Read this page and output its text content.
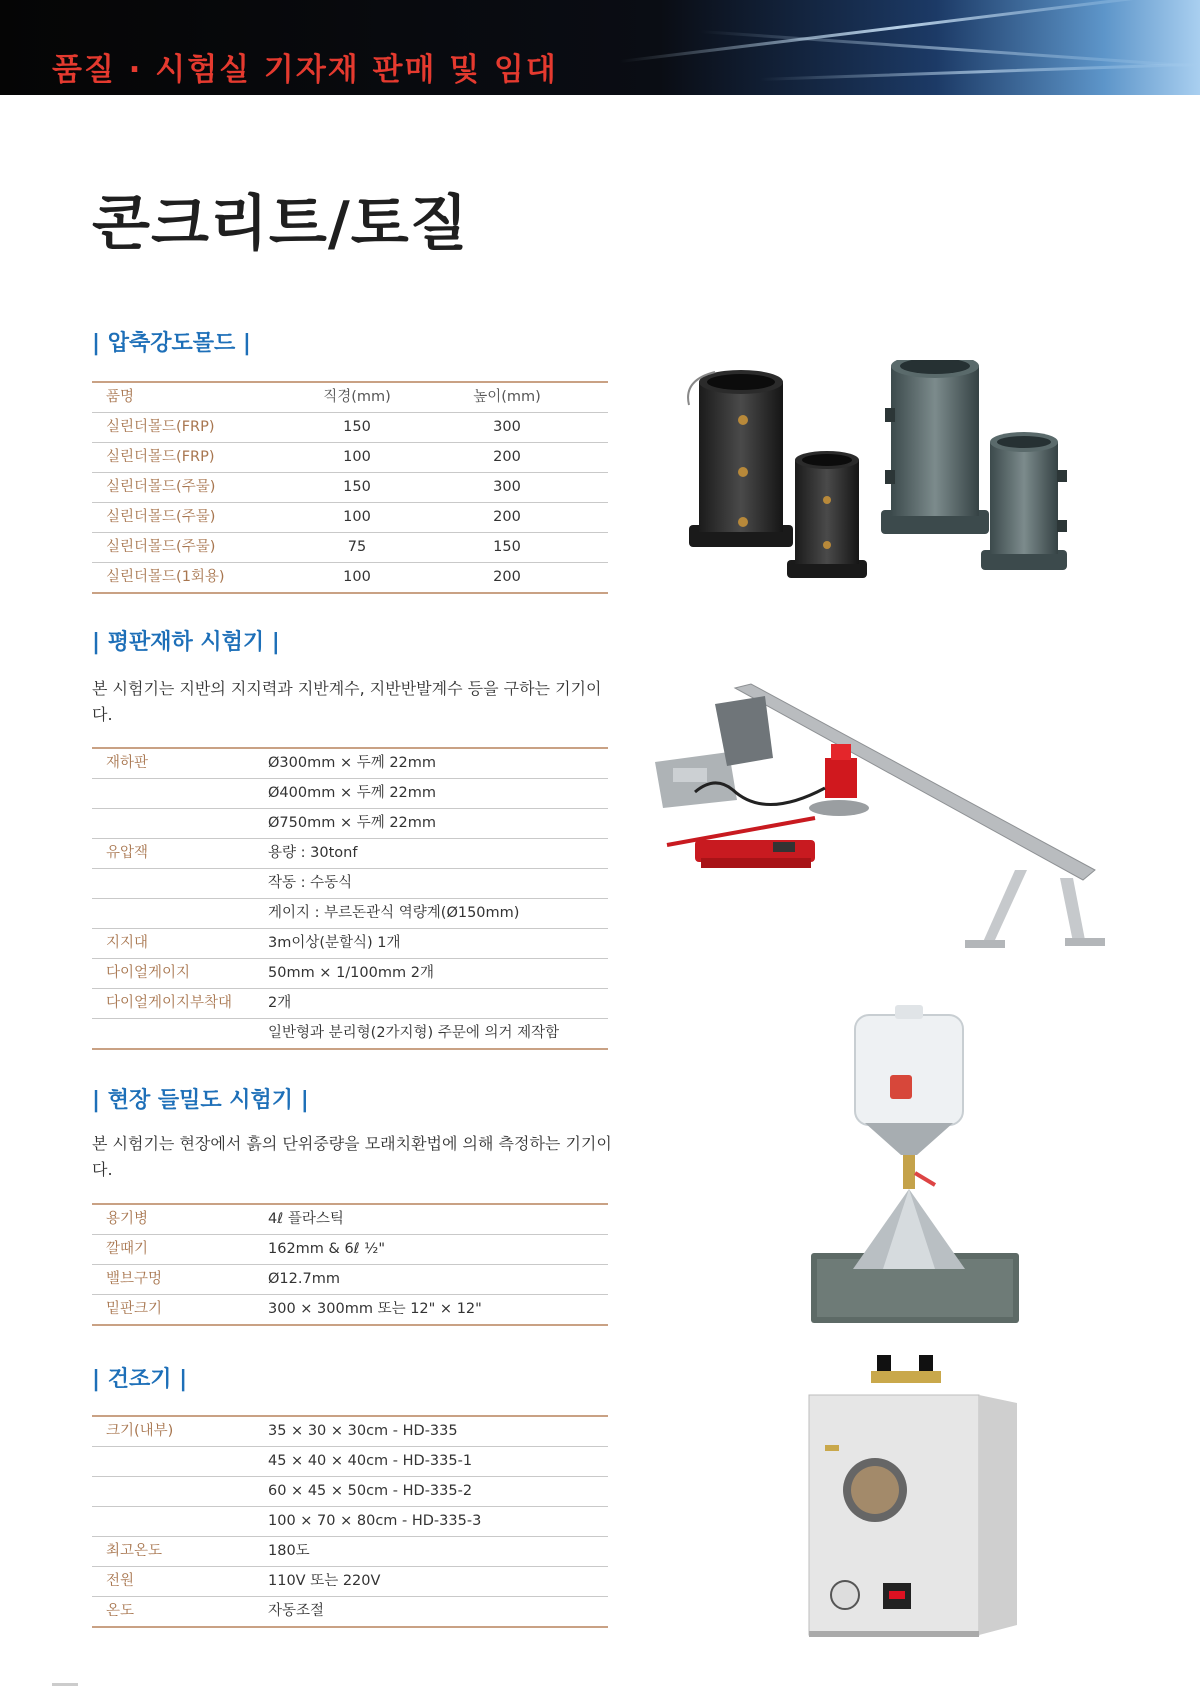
품질 · 시험실 기자재 판매 및 임대
콘크리트/토질
| 압축강도몰드 |
품명	직경(mm)	높이(mm)
실린더몰드(FRP)	150	300
실린더몰드(FRP)	100	200
실린더몰드(주물)	150	300
실린더몰드(주물)	100	200
실린더몰드(주물)	75	150
실린더몰드(1회용)	100	200
| 평판재하 시험기 |
본 시험기는 지반의 지지력과 지반계수, 지반반발계수 등을 구하는 기기이다.
재하판	Ø300mm × 두께 22mm
Ø400mm × 두께 22mm
Ø750mm × 두께 22mm
유압잭	용량 : 30tonf
작동 : 수동식
게이지 : 부르돈관식 역량계(Ø150mm)
지지대	3m이상(분할식) 1개
다이얼게이지	50mm × 1/100mm 2개
다이얼게이지부착대 2개
일반형과 분리형(2가지형) 주문에 의거 제작함
| 현장 들밀도 시험기 |
본 시험기는 현장에서 흙의 단위중량을 모래치환법에 의해 측정하는 기기이다.
용기병	4ℓ 플라스틱
깔때기	162mm & 6ℓ ½"
밸브구멍	Ø12.7mm
밑판크기	300 × 300mm 또는 12" × 12"
| 건조기 |
크기(내부)	35 × 30 × 30cm - HD-335
45 × 40 × 40cm - HD-335-1
60 × 45 × 50cm - HD-335-2
100 × 70 × 80cm - HD-335-3
최고온도	180도
전원	110V 또는 220V
온도	자동조절
